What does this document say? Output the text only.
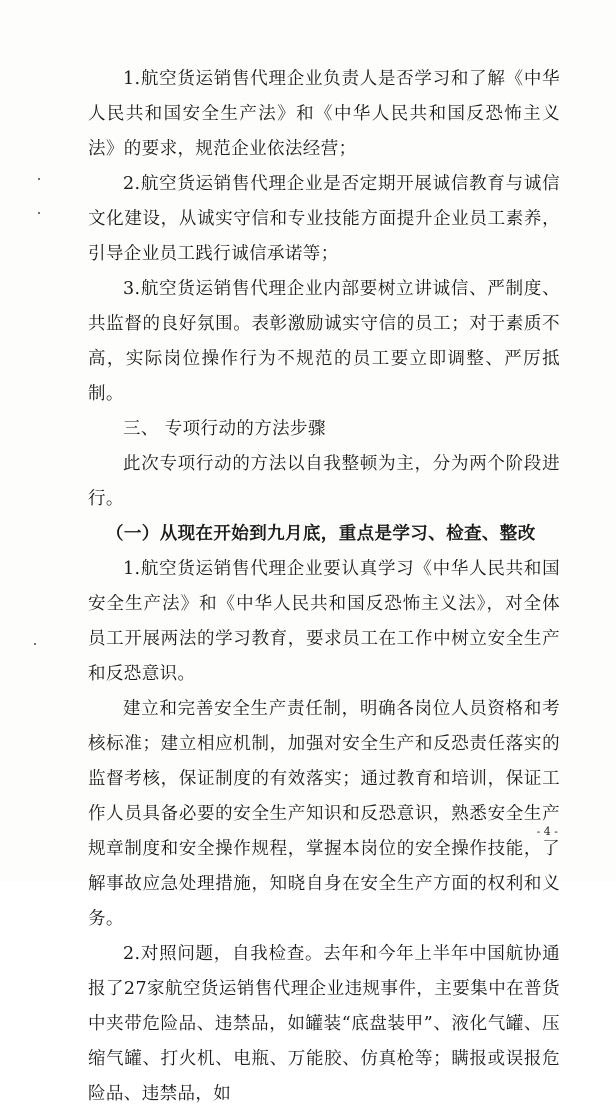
1.航空货运销售代理企业负责人是否学习和了解《中华人民共和国安全生产法》和《中华人民共和国反恐怖主义法》的要求，规范企业依法经营；

2.航空货运销售代理企业是否定期开展诚信教育与诚信文化建设，从诚实守信和专业技能方面提升企业员工素养，引导企业员工践行诚信承诺等；

3.航空货运销售代理企业内部要树立讲诚信、严制度、共监督的良好氛围。表彰激励诚实守信的员工；对于素质不高，实际岗位操作行为不规范的员工要立即调整、严厉抵制。

三、 专项行动的方法步骤

此次专项行动的方法以自我整顿为主，分为两个阶段进行。

（一）从现在开始到九月底，重点是学习、检查、整改

1.航空货运销售代理企业要认真学习《中华人民共和国安全生产法》和《中华人民共和国反恐怖主义法》，对全体员工开展两法的学习教育，要求员工在工作中树立安全生产和反恐意识。

建立和完善安全生产责任制，明确各岗位人员资格和考核标准；建立相应机制，加强对安全生产和反恐责任落实的监督考核，保证制度的有效落实；通过教育和培训，保证工作人员具备必要的安全生产知识和反恐意识，熟悉安全生产规章制度和安全操作规程，掌握本岗位的安全操作技能，了解事故应急处理措施，知晓自身在安全生产方面的权利和义务。

2.对照问题，自我检查。去年和今年上半年中国航协通报了27家航空货运销售代理企业违规事件，主要集中在普货中夹带危险品、违禁品，如罐装“底盘装甲”、液化气罐、压缩气罐、打火机、电瓶、万能胶、仿真枪等；瞒报或误报危险品、违禁品，如

- 4 -
